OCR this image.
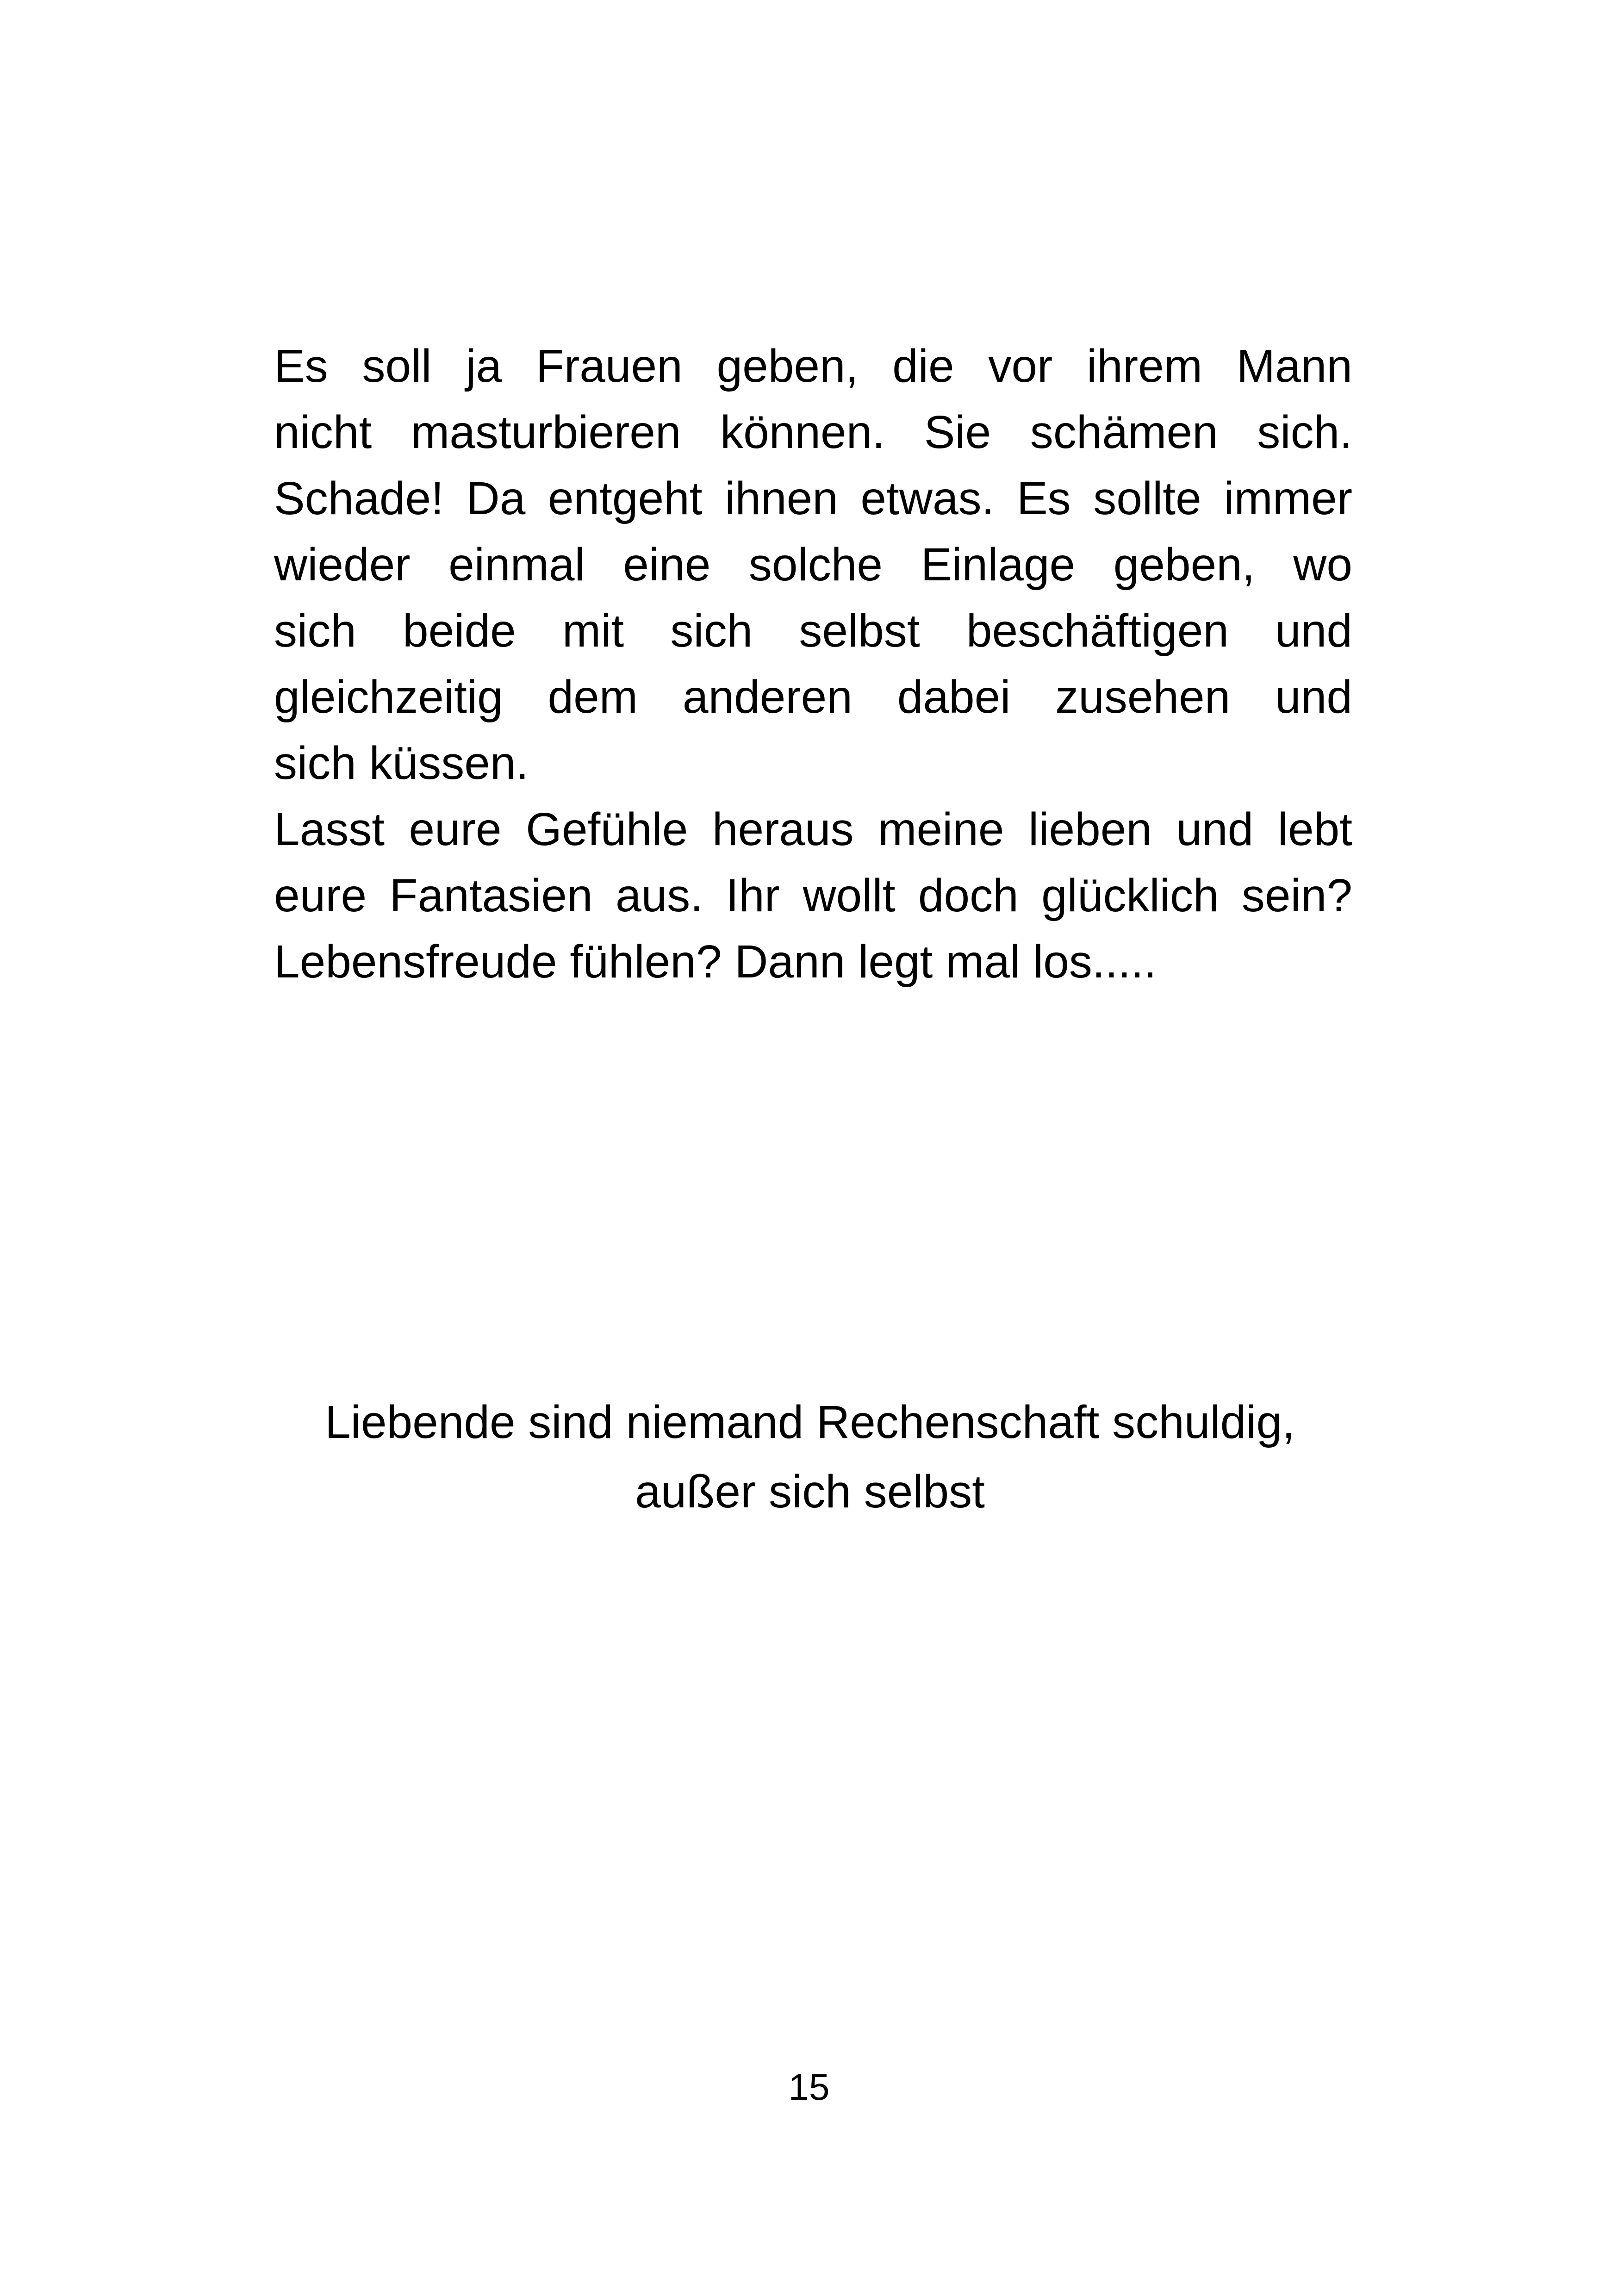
Es soll ja Frauen geben, die vor ihrem Mann
nicht masturbieren können. Sie schämen sich.
Schade! Da entgeht ihnen etwas. Es sollte immer
wieder einmal eine solche Einlage geben, wo
sich beide mit sich selbst beschäftigen und
gleichzeitig dem anderen dabei zusehen und
sich küssen.

Lasst eure Gefühle heraus meine lieben und lebt
eure Fantasien aus. Ihr wollt doch glücklich sein?
Lebensfreude fühlen? Dann legt mal los.....

Liebende sind niemand Rechenschaft schuldig,
außer sich selbst
15
